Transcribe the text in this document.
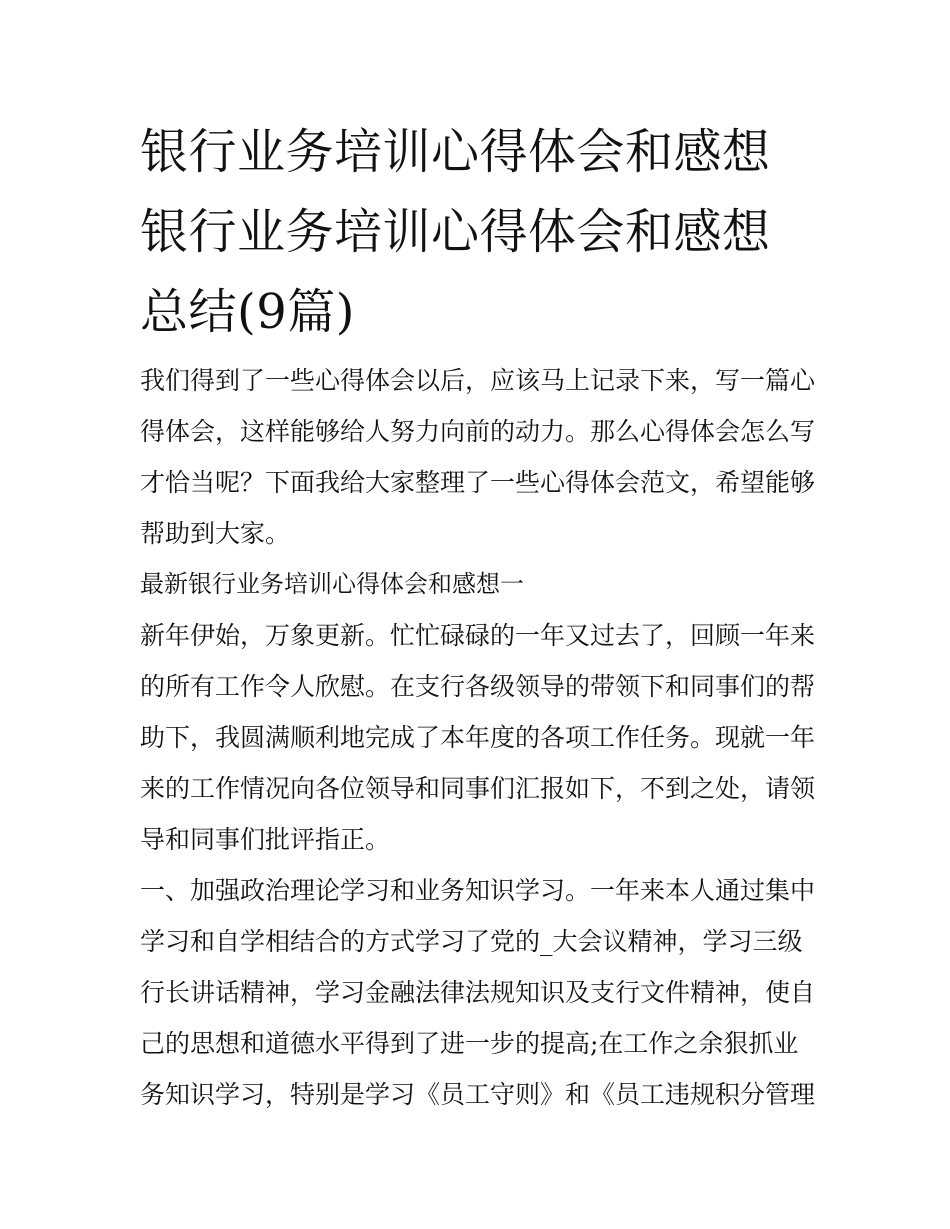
银行业务培训心得体会和感想
银行业务培训心得体会和感想
总结(9篇)

我们得到了一些心得体会以后，应该马上记录下来，写一篇心
得体会，这样能够给人努力向前的动力。那么心得体会怎么写
才恰当呢？下面我给大家整理了一些心得体会范文，希望能够
帮助到大家。

最新银行业务培训心得体会和感想一

新年伊始，万象更新。忙忙碌碌的一年又过去了，回顾一年来
的所有工作令人欣慰。在支行各级领导的带领下和同事们的帮
助下，我圆满顺利地完成了本年度的各项工作任务。现就一年
来的工作情况向各位领导和同事们汇报如下，不到之处，请领
导和同事们批评指正。

一、加强政治理论学习和业务知识学习。一年来本人通过集中
学习和自学相结合的方式学习了党的_大会议精神，学习三级
行长讲话精神，学习金融法律法规知识及支行文件精神，使自
己的思想和道德水平得到了进一步的提高;在工作之余狠抓业
务知识学习，特别是学习《员工守则》和《员工违规积分管理
